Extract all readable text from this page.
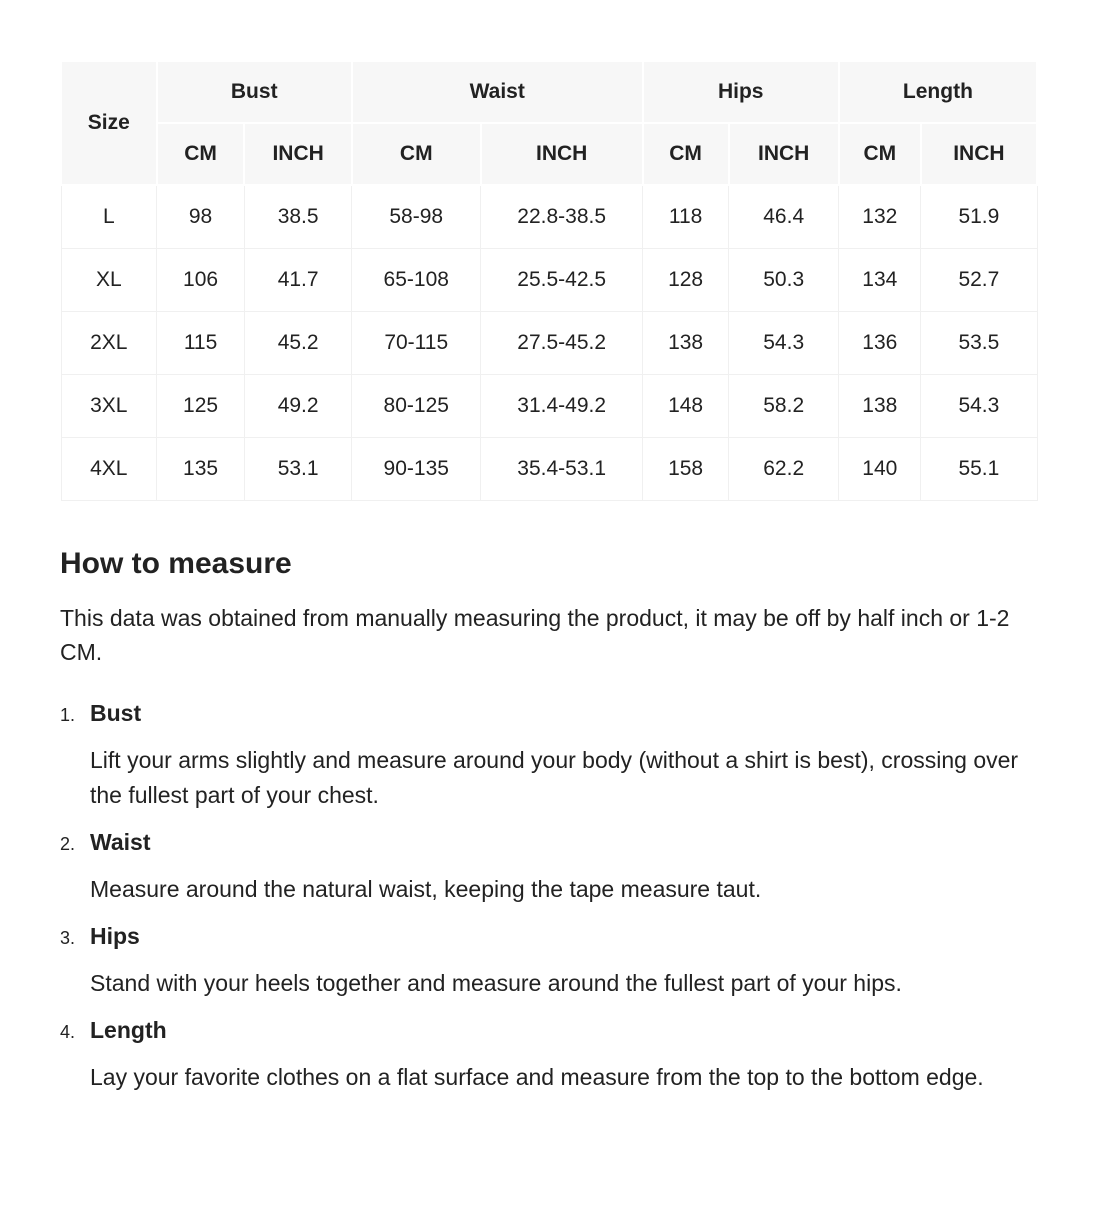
Size	Bust		Waist		Hips		Length	
	CM	INCH	CM	INCH	CM	INCH	CM	INCH
L	98	38.5	58-98	22.8-38.5	118	46.4	132	51.9
XL	106	41.7	65-108	25.5-42.5	128	50.3	134	52.7
2XL	115	45.2	70-115	27.5-45.2	138	54.3	136	53.5
3XL	125	49.2	80-125	31.4-49.2	148	58.2	138	54.3
4XL	135	53.1	90-135	35.4-53.1	158	62.2	140	55.1
How to measure

This data was obtained from manually measuring the product, it may be off by half inch or 1-2 CM.

1. Bust

Lift your arms slightly and measure around your body (without a shirt is best), crossing over the fullest part of your chest.

2. Waist

Measure around the natural waist, keeping the tape measure taut.

3. Hips

Stand with your heels together and measure around the fullest part of your hips.

4. Length

Lay your favorite clothes on a flat surface and measure from the top to the bottom edge.
